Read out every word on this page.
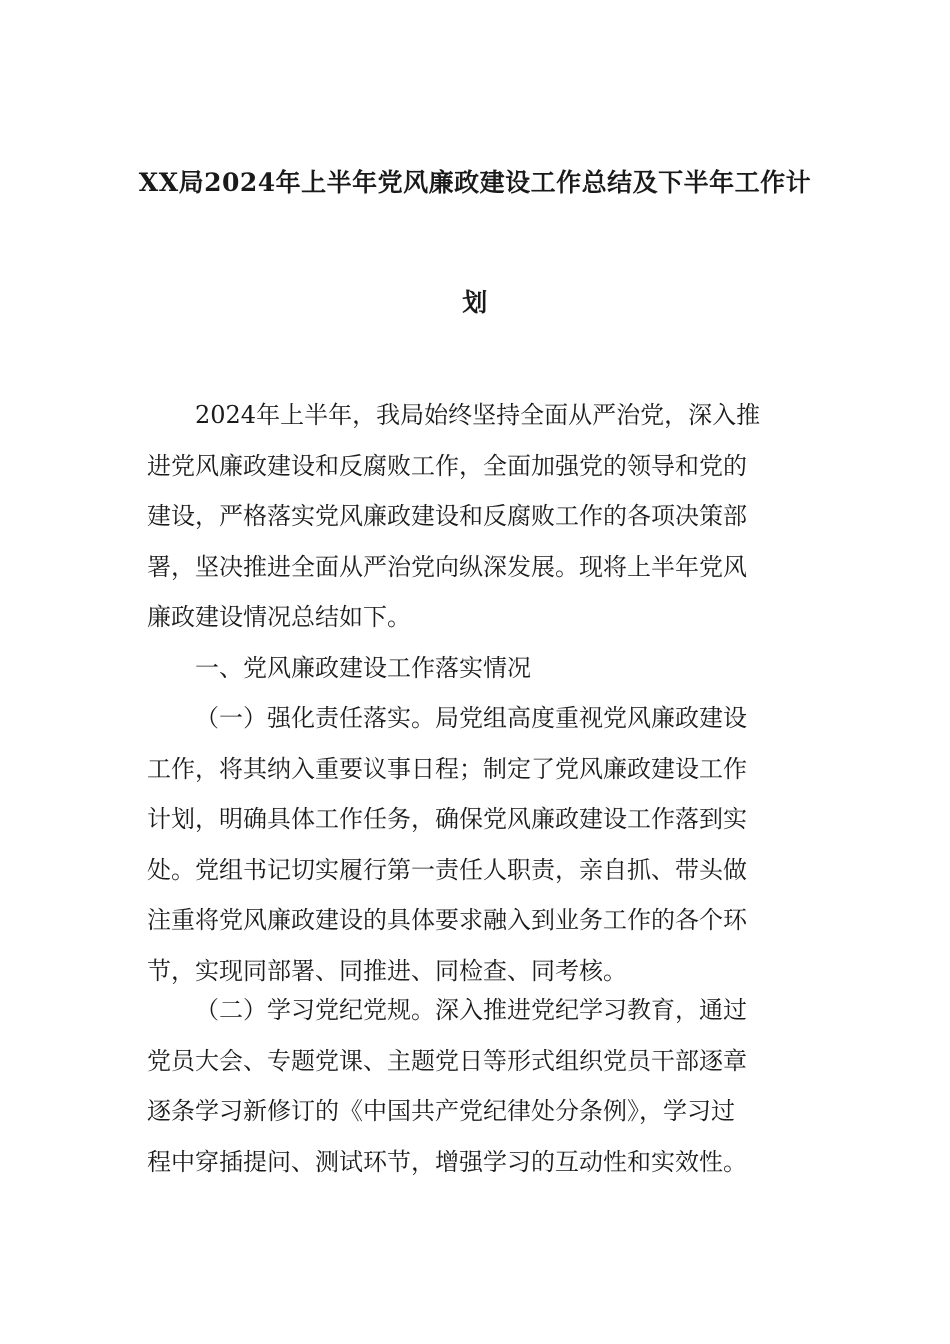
XX局2024年上半年党风廉政建设工作总结及下半年工作计
划
2024年上半年，我局始终坚持全面从严治党，深入推
进党风廉政建设和反腐败工作，全面加强党的领导和党的
建设，严格落实党风廉政建设和反腐败工作的各项决策部
署，坚决推进全面从严治党向纵深发展。现将上半年党风
廉政建设情况总结如下。
一、党风廉政建设工作落实情况
（一）强化责任落实。局党组高度重视党风廉政建设
工作，将其纳入重要议事日程；制定了党风廉政建设工作
计划，明确具体工作任务，确保党风廉政建设工作落到实
处。党组书记切实履行第一责任人职责，亲自抓、带头做
注重将党风廉政建设的具体要求融入到业务工作的各个环
节，实现同部署、同推进、同检查、同考核。
（二）学习党纪党规。深入推进党纪学习教育，通过
党员大会、专题党课、主题党日等形式组织党员干部逐章
逐条学习新修订的《中国共产党纪律处分条例》，学习过
程中穿插提问、测试环节，增强学习的互动性和实效性。
